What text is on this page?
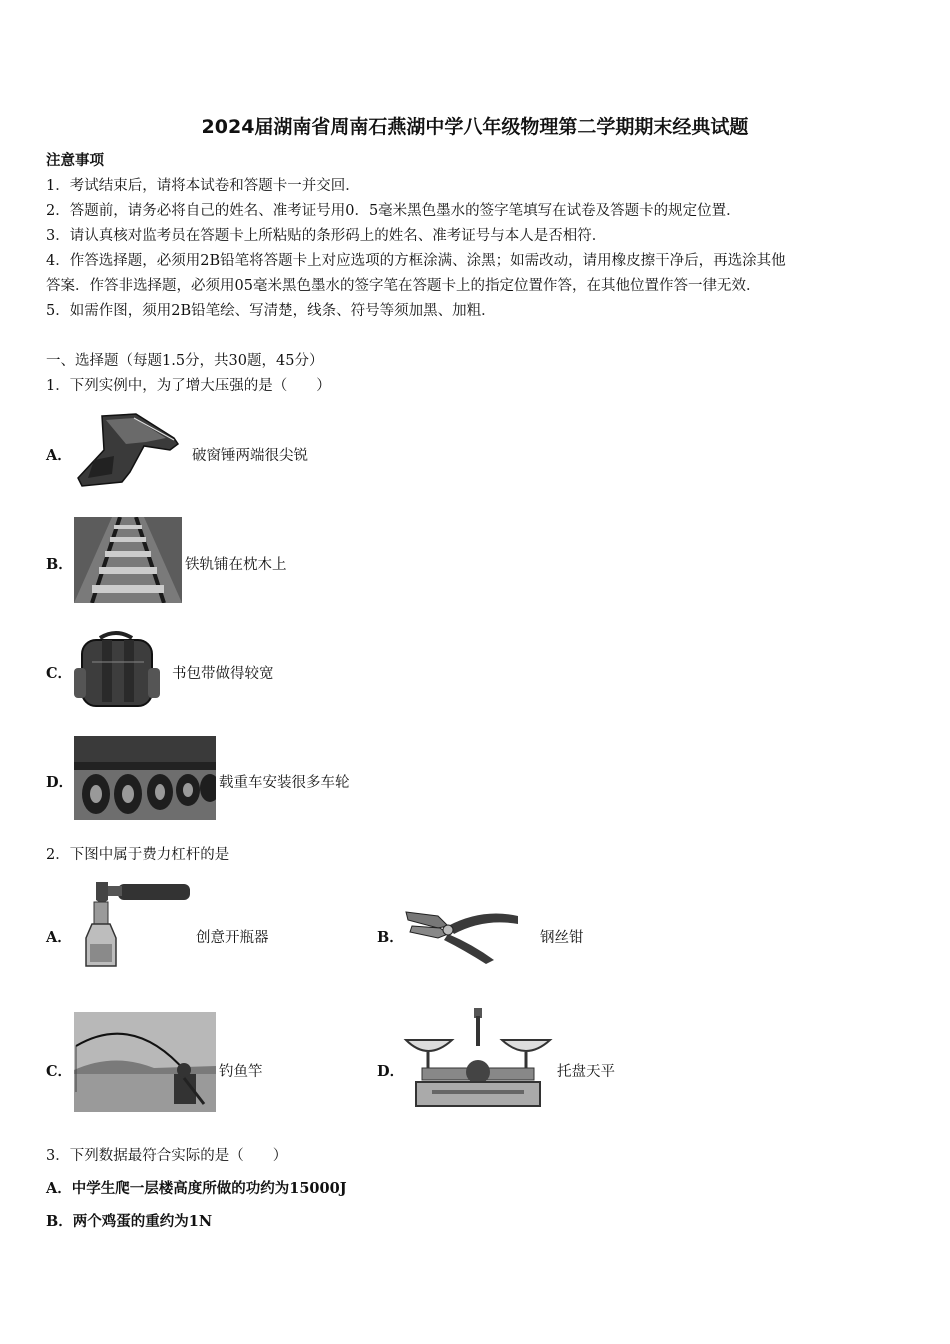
2024届湖南省周南石燕湖中学八年级物理第二学期期末经典试题
注意事项
1．考试结束后，请将本试卷和答题卡一并交回．
2．答题前，请务必将自己的姓名、准考证号用0．5毫米黑色墨水的签字笔填写在试卷及答题卡的规定位置．
3．请认真核对监考员在答题卡上所粘贴的条形码上的姓名、准考证号与本人是否相符．
4．作答选择题，必须用2B铅笔将答题卡上对应选项的方框涂满、涂黑；如需改动，请用橡皮擦干净后，再选涂其他
答案．作答非选择题，必须用05毫米黑色墨水的签字笔在答题卡上的指定位置作答，在其他位置作答一律无效．
5．如需作图，须用2B铅笔绘、写清楚，线条、符号等须加黑、加粗．
一、选择题（每题1.5分，共30题，45分）
1．下列实例中，为了增大压强的是（　　）
A．	破窗锤两端很尖锐
B．	铁轨铺在枕木上
C．	书包带做得较宽
D．	载重车安装很多车轮
2．下图中属于费力杠杆的是
A．	创意开瓶器	B．	钢丝钳
C．	钓鱼竿	D．	托盘天平
3．下列数据最符合实际的是（　　）
A．中学生爬一层楼高度所做的功约为15000J
B．两个鸡蛋的重约为1N
